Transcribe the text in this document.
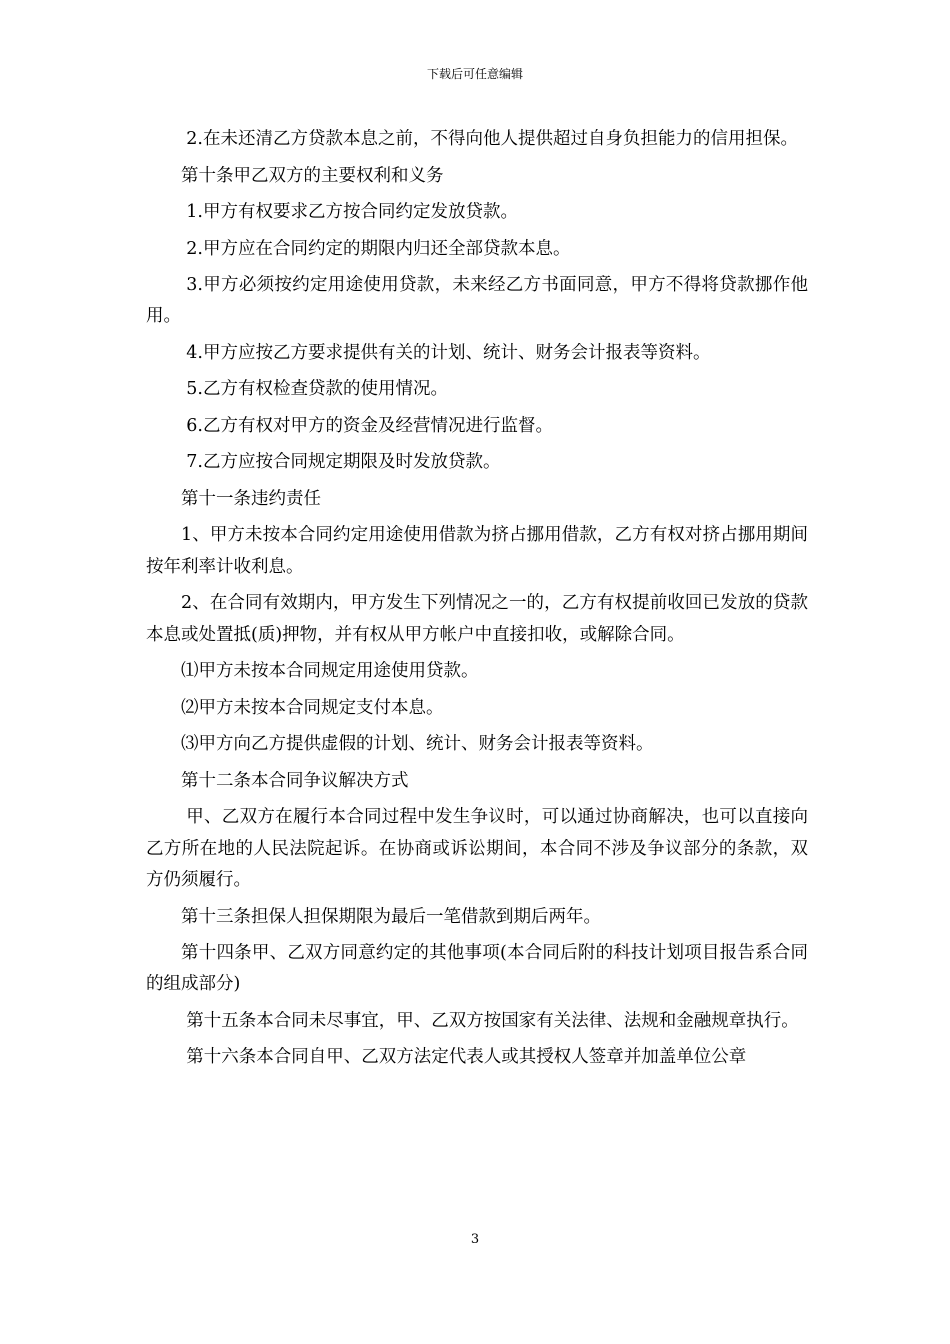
下载后可任意编辑

2.在未还清乙方贷款本息之前，不得向他人提供超过自身负担能力的信用担保。

第十条甲乙双方的主要权利和义务

1.甲方有权要求乙方按合同约定发放贷款。

2.甲方应在合同约定的期限内归还全部贷款本息。

3.甲方必须按约定用途使用贷款，未来经乙方书面同意，甲方不得将贷款挪作他用。

4.甲方应按乙方要求提供有关的计划、统计、财务会计报表等资料。

5.乙方有权检查贷款的使用情况。

6.乙方有权对甲方的资金及经营情况进行监督。

7.乙方应按合同规定期限及时发放贷款。

第十一条违约责任

1、甲方未按本合同约定用途使用借款为挤占挪用借款，乙方有权对挤占挪用期间按年利率计收利息。

2、在合同有效期内，甲方发生下列情况之一的，乙方有权提前收回已发放的贷款本息或处置抵(质)押物，并有权从甲方帐户中直接扣收，或解除合同。

⑴甲方未按本合同规定用途使用贷款。

⑵甲方未按本合同规定支付本息。

⑶甲方向乙方提供虚假的计划、统计、财务会计报表等资料。

第十二条本合同争议解决方式

甲、乙双方在履行本合同过程中发生争议时，可以通过协商解决，也可以直接向乙方所在地的人民法院起诉。在协商或诉讼期间，本合同不涉及争议部分的条款，双方仍须履行。

第十三条担保人担保期限为最后一笔借款到期后两年。

第十四条甲、乙双方同意约定的其他事项(本合同后附的科技计划项目报告系合同的组成部分)

第十五条本合同未尽事宜，甲、乙双方按国家有关法律、法规和金融规章执行。

第十六条本合同自甲、乙双方法定代表人或其授权人签章并加盖单位公章

3
